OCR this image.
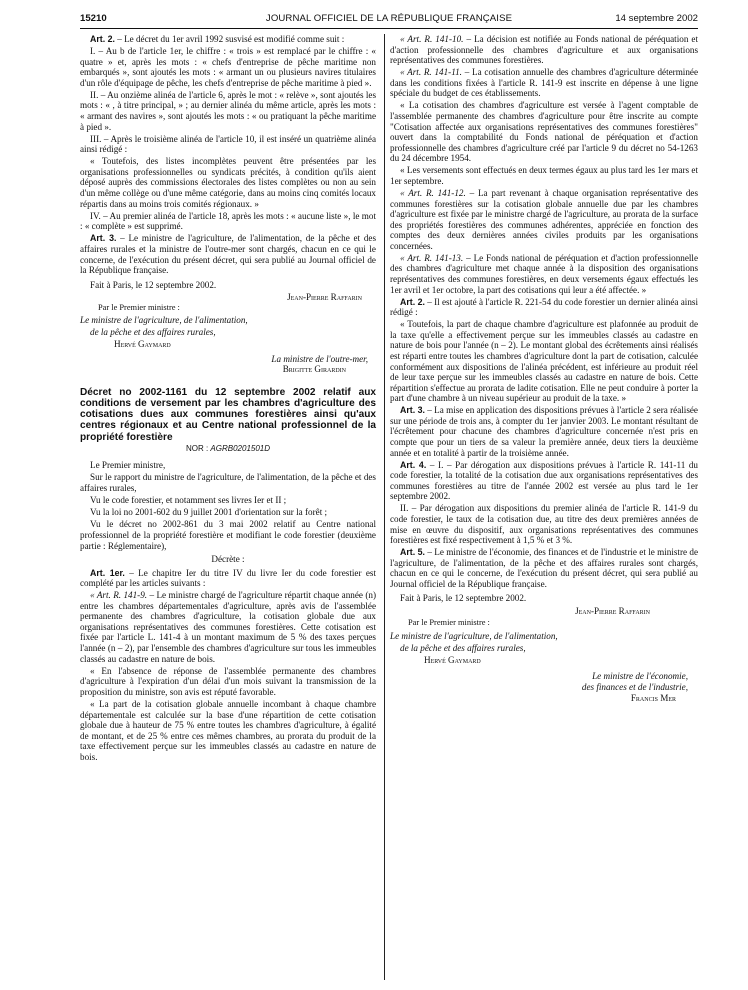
15210	JOURNAL OFFICIEL DE LA RÉPUBLIQUE FRANÇAISE	14 septembre 2002

Art. 2. – Le décret du 1er avril 1992 susvisé est modifié comme suit :

I. – Au b de l'article 1er, le chiffre : « trois » est remplacé par le chiffre : « quatre » et, après les mots : « chefs d'entreprise de pêche maritime non embarqués », sont ajoutés les mots : « armant un ou plusieurs navires titulaires d'un rôle d'équipage de pêche, les chefs d'entreprise de pêche maritime à pied ».

II. – Au onzième alinéa de l'article 6, après le mot : « relève », sont ajoutés les mots : « , à titre principal, » ; au dernier alinéa du même article, après les mots : « armant des navires », sont ajoutés les mots : « ou pratiquant la pêche maritime à pied ».

III. – Après le troisième alinéa de l'article 10, il est inséré un quatrième alinéa ainsi rédigé :

« Toutefois, des listes incomplètes peuvent être présentées par les organisations professionnelles ou syndicats précités, à condition qu'ils aient déposé auprès des commissions électorales des listes complètes ou non au sein d'un même collège ou d'une même catégorie, dans au moins cinq comités locaux répartis dans au moins trois comités régionaux. »

IV. – Au premier alinéa de l'article 18, après les mots : « aucune liste », le mot : « complète » est supprimé.

Art. 3. – Le ministre de l'agriculture, de l'alimentation, de la pêche et des affaires rurales et la ministre de l'outre-mer sont chargés, chacun en ce qui le concerne, de l'exécution du présent décret, qui sera publié au Journal officiel de la République française.

Fait à Paris, le 12 septembre 2002.

Jean-Pierre Raffarin

Par le Premier ministre :

Le ministre de l'agriculture, de l'alimentation,

de la pêche et des affaires rurales,

Hervé Gaymard

La ministre de l'outre-mer,

Brigitte Girardin

Décret no 2002-1161 du 12 septembre 2002 relatif aux conditions de versement par les chambres d'agriculture des cotisations dues aux communes forestières ainsi qu'aux centres régionaux et au Centre national professionnel de la propriété forestière

NOR : AGRB0201501D

Le Premier ministre,

Sur le rapport du ministre de l'agriculture, de l'alimentation, de la pêche et des affaires rurales,

Vu le code forestier, et notamment ses livres Ier et II ;

Vu la loi no 2001-602 du 9 juillet 2001 d'orientation sur la forêt ;

Vu le décret no 2002-861 du 3 mai 2002 relatif au Centre national professionnel de la propriété forestière et modifiant le code forestier (deuxième partie : Réglementaire),

Décrète :

Art. 1er. – Le chapitre Ier du titre IV du livre Ier du code forestier est complété par les articles suivants :

« Art. R. 141-9. – Le ministre chargé de l'agriculture répartit chaque année (n) entre les chambres départementales d'agriculture, après avis de l'assemblée permanente des chambres d'agriculture, la cotisation globale due aux organisations représentatives des communes forestières. Cette cotisation est fixée par l'article L. 141-4 à un montant maximum de 5 % des taxes perçues l'année (n – 2), par l'ensemble des chambres d'agriculture sur tous les immeubles classés au cadastre en nature de bois.

« En l'absence de réponse de l'assemblée permanente des chambres d'agriculture à l'expiration d'un délai d'un mois suivant la transmission de la proposition du ministre, son avis est réputé favorable.

« La part de la cotisation globale annuelle incombant à chaque chambre départementale est calculée sur la base d'une répartition de cette cotisation globale due à hauteur de 75 % entre toutes les chambres d'agriculture, à égalité de montant, et de 25 % entre ces mêmes chambres, au prorata du produit de la taxe effectivement perçue sur les immeubles classés au cadastre en nature de bois.

« Art. R. 141-10. – La décision est notifiée au Fonds national de péréquation et d'action professionnelle des chambres d'agriculture et aux organisations représentatives des communes forestières.

« Art. R. 141-11. – La cotisation annuelle des chambres d'agriculture déterminée dans les conditions fixées à l'article R. 141-9 est inscrite en dépense à une ligne spéciale du budget de ces établissements.

« La cotisation des chambres d'agriculture est versée à l'agent comptable de l'assemblée permanente des chambres d'agriculture pour être inscrite au compte "Cotisation affectée aux organisations représentatives des communes forestières" ouvert dans la comptabilité du Fonds national de péréquation et d'action professionnelle des chambres d'agriculture créé par l'article 9 du décret no 54-1263 du 24 décembre 1954.

« Les versements sont effectués en deux termes égaux au plus tard les 1er mars et 1er septembre.

« Art. R. 141-12. – La part revenant à chaque organisation représentative des communes forestières sur la cotisation globale annuelle due par les chambres d'agriculture est fixée par le ministre chargé de l'agriculture, au prorata de la surface des propriétés forestières des communes adhérentes, appréciée en fonction des comptes des deux dernières années civiles produits par les organisations concernées.

« Art. R. 141-13. – Le Fonds national de péréquation et d'action professionnelle des chambres d'agriculture met chaque année à la disposition des organisations représentatives des communes forestières, en deux versements égaux effectués les 1er avril et 1er octobre, la part des cotisations qui leur a été affectée. »

Art. 2. – Il est ajouté à l'article R. 221-54 du code forestier un dernier alinéa ainsi rédigé :

« Toutefois, la part de chaque chambre d'agriculture est plafonnée au produit de la taxe qu'elle a effectivement perçue sur les immeubles classés au cadastre en nature de bois pour l'année (n – 2). Le montant global des écrêtements ainsi réalisés est réparti entre toutes les chambres d'agriculture dont la part de cotisation, calculée conformément aux dispositions de l'alinéa précédent, est inférieure au produit réel de leur taxe perçue sur les immeubles classés au cadastre en nature de bois. Cette répartition s'effectue au prorata de ladite cotisation. Elle ne peut conduire à porter la part d'une chambre à un niveau supérieur au produit de la taxe. »

Art. 3. – La mise en application des dispositions prévues à l'article 2 sera réalisée sur une période de trois ans, à compter du 1er janvier 2003. Le montant résultant de l'écrêtement pour chacune des chambres d'agriculture concernée n'est pris en compte que pour un tiers de sa valeur la première année, deux tiers la deuxième année et en totalité à partir de la troisième année.

Art. 4. – I. – Par dérogation aux dispositions prévues à l'article R. 141-11 du code forestier, la totalité de la cotisation due aux organisations représentatives des communes forestières au titre de l'année 2002 est versée au plus tard le 1er septembre 2002.

II. – Par dérogation aux dispositions du premier alinéa de l'article R. 141-9 du code forestier, le taux de la cotisation due, au titre des deux premières années de mise en œuvre du dispositif, aux organisations représentatives des communes forestières est fixé respectivement à 1,5 % et 3 %.

Art. 5. – Le ministre de l'économie, des finances et de l'industrie et le ministre de l'agriculture, de l'alimentation, de la pêche et des affaires rurales sont chargés, chacun en ce qui le concerne, de l'exécution du présent décret, qui sera publié au Journal officiel de la République française.

Fait à Paris, le 12 septembre 2002.

Jean-Pierre Raffarin

Par le Premier ministre :

Le ministre de l'agriculture, de l'alimentation,

de la pêche et des affaires rurales,

Hervé Gaymard

Le ministre de l'économie,

des finances et de l'industrie,

Francis Mer
